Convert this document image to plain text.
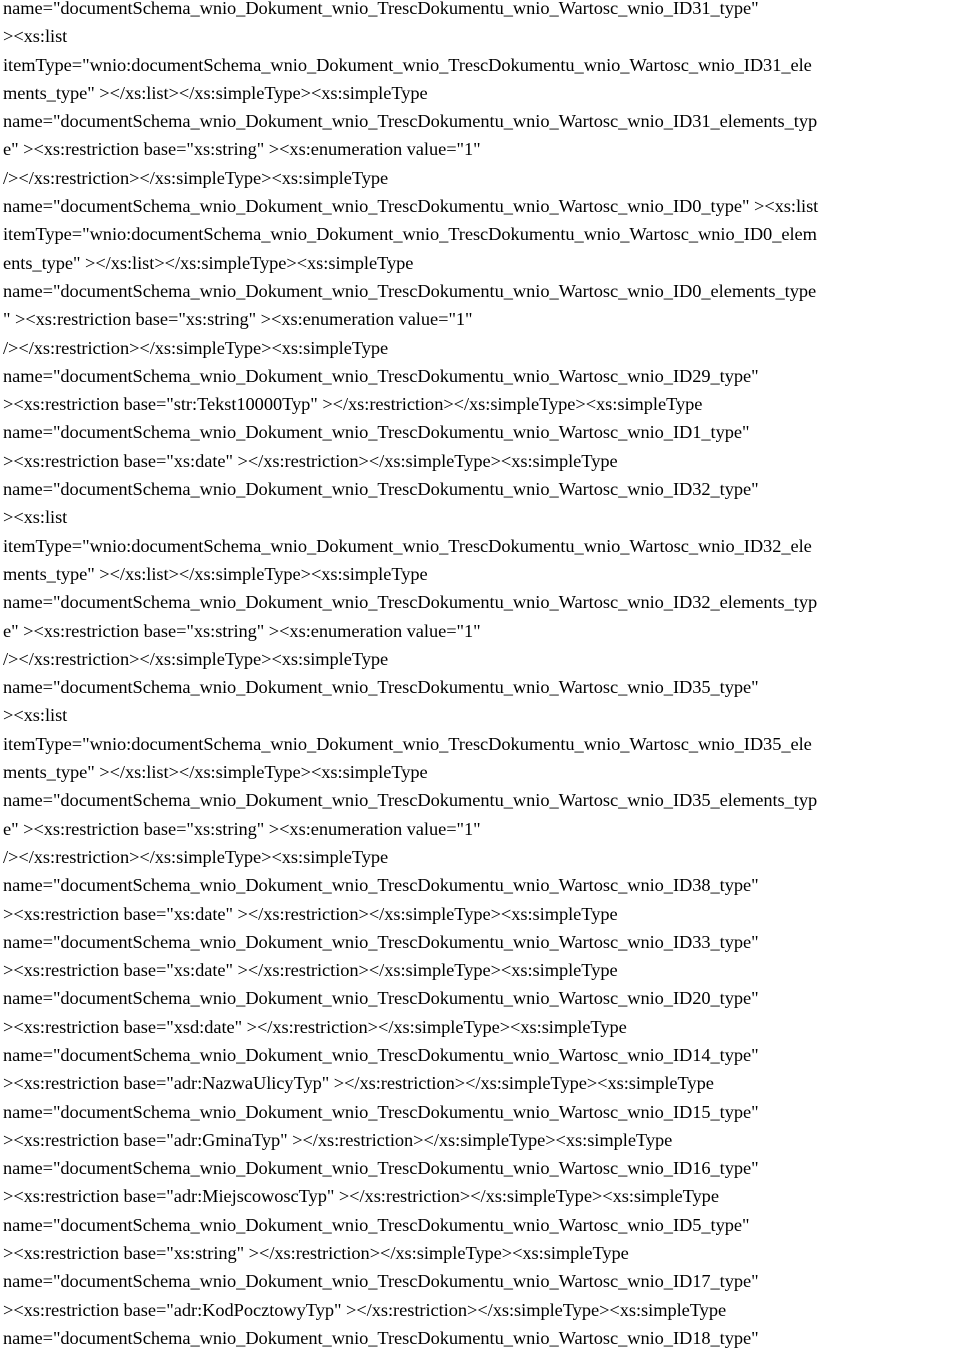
name="documentSchema_wnio_Dokument_wnio_TrescDokumentu_wnio_Wartosc_wnio_ID31_type"
><xs:list
itemType="wnio:documentSchema_wnio_Dokument_wnio_TrescDokumentu_wnio_Wartosc_wnio_ID31_ele
ments_type" ></xs:list></xs:simpleType><xs:simpleType
name="documentSchema_wnio_Dokument_wnio_TrescDokumentu_wnio_Wartosc_wnio_ID31_elements_typ
e" ><xs:restriction base="xs:string" ><xs:enumeration value="1"
/></xs:restriction></xs:simpleType><xs:simpleType
name="documentSchema_wnio_Dokument_wnio_TrescDokumentu_wnio_Wartosc_wnio_ID0_type" ><xs:list
itemType="wnio:documentSchema_wnio_Dokument_wnio_TrescDokumentu_wnio_Wartosc_wnio_ID0_elem
ents_type" ></xs:list></xs:simpleType><xs:simpleType
name="documentSchema_wnio_Dokument_wnio_TrescDokumentu_wnio_Wartosc_wnio_ID0_elements_type
" ><xs:restriction base="xs:string" ><xs:enumeration value="1"
/></xs:restriction></xs:simpleType><xs:simpleType
name="documentSchema_wnio_Dokument_wnio_TrescDokumentu_wnio_Wartosc_wnio_ID29_type"
><xs:restriction base="str:Tekst10000Typ" ></xs:restriction></xs:simpleType><xs:simpleType
name="documentSchema_wnio_Dokument_wnio_TrescDokumentu_wnio_Wartosc_wnio_ID1_type"
><xs:restriction base="xs:date" ></xs:restriction></xs:simpleType><xs:simpleType
name="documentSchema_wnio_Dokument_wnio_TrescDokumentu_wnio_Wartosc_wnio_ID32_type"
><xs:list
itemType="wnio:documentSchema_wnio_Dokument_wnio_TrescDokumentu_wnio_Wartosc_wnio_ID32_ele
ments_type" ></xs:list></xs:simpleType><xs:simpleType
name="documentSchema_wnio_Dokument_wnio_TrescDokumentu_wnio_Wartosc_wnio_ID32_elements_typ
e" ><xs:restriction base="xs:string" ><xs:enumeration value="1"
/></xs:restriction></xs:simpleType><xs:simpleType
name="documentSchema_wnio_Dokument_wnio_TrescDokumentu_wnio_Wartosc_wnio_ID35_type"
><xs:list
itemType="wnio:documentSchema_wnio_Dokument_wnio_TrescDokumentu_wnio_Wartosc_wnio_ID35_ele
ments_type" ></xs:list></xs:simpleType><xs:simpleType
name="documentSchema_wnio_Dokument_wnio_TrescDokumentu_wnio_Wartosc_wnio_ID35_elements_typ
e" ><xs:restriction base="xs:string" ><xs:enumeration value="1"
/></xs:restriction></xs:simpleType><xs:simpleType
name="documentSchema_wnio_Dokument_wnio_TrescDokumentu_wnio_Wartosc_wnio_ID38_type"
><xs:restriction base="xs:date" ></xs:restriction></xs:simpleType><xs:simpleType
name="documentSchema_wnio_Dokument_wnio_TrescDokumentu_wnio_Wartosc_wnio_ID33_type"
><xs:restriction base="xs:date" ></xs:restriction></xs:simpleType><xs:simpleType
name="documentSchema_wnio_Dokument_wnio_TrescDokumentu_wnio_Wartosc_wnio_ID20_type"
><xs:restriction base="xsd:date" ></xs:restriction></xs:simpleType><xs:simpleType
name="documentSchema_wnio_Dokument_wnio_TrescDokumentu_wnio_Wartosc_wnio_ID14_type"
><xs:restriction base="adr:NazwaUlicyTyp" ></xs:restriction></xs:simpleType><xs:simpleType
name="documentSchema_wnio_Dokument_wnio_TrescDokumentu_wnio_Wartosc_wnio_ID15_type"
><xs:restriction base="adr:GminaTyp" ></xs:restriction></xs:simpleType><xs:simpleType
name="documentSchema_wnio_Dokument_wnio_TrescDokumentu_wnio_Wartosc_wnio_ID16_type"
><xs:restriction base="adr:MiejscowoscTyp" ></xs:restriction></xs:simpleType><xs:simpleType
name="documentSchema_wnio_Dokument_wnio_TrescDokumentu_wnio_Wartosc_wnio_ID5_type"
><xs:restriction base="xs:string" ></xs:restriction></xs:simpleType><xs:simpleType
name="documentSchema_wnio_Dokument_wnio_TrescDokumentu_wnio_Wartosc_wnio_ID17_type"
><xs:restriction base="adr:KodPocztowyTyp" ></xs:restriction></xs:simpleType><xs:simpleType
name="documentSchema_wnio_Dokument_wnio_TrescDokumentu_wnio_Wartosc_wnio_ID18_type"
